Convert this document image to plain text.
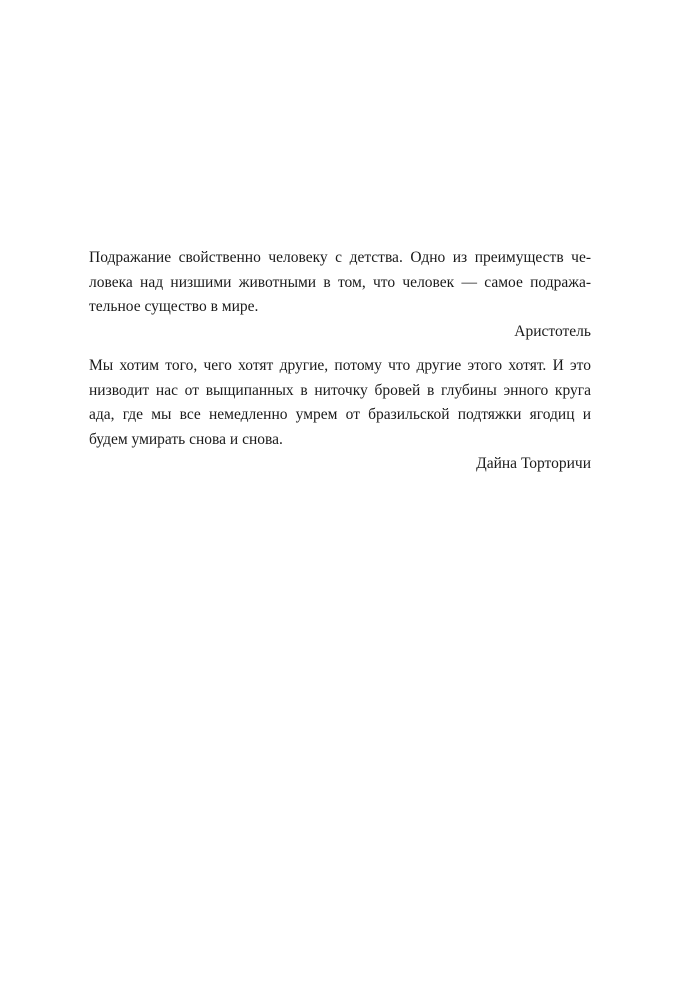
Подражание свойственно человеку с детства. Одно из преимуществ че-
ловека над низшими животными в том, что человек — самое подража-
тельное существо в мире.
Аристотель
Мы хотим того, чего хотят другие, потому что другие этого хотят. И это
низводит нас от выщипанных в ниточку бровей в глубины энного круга
ада, где мы все немедленно умрем от бразильской подтяжки ягодиц и
будем умирать снова и снова.
Дайна Торторичи
